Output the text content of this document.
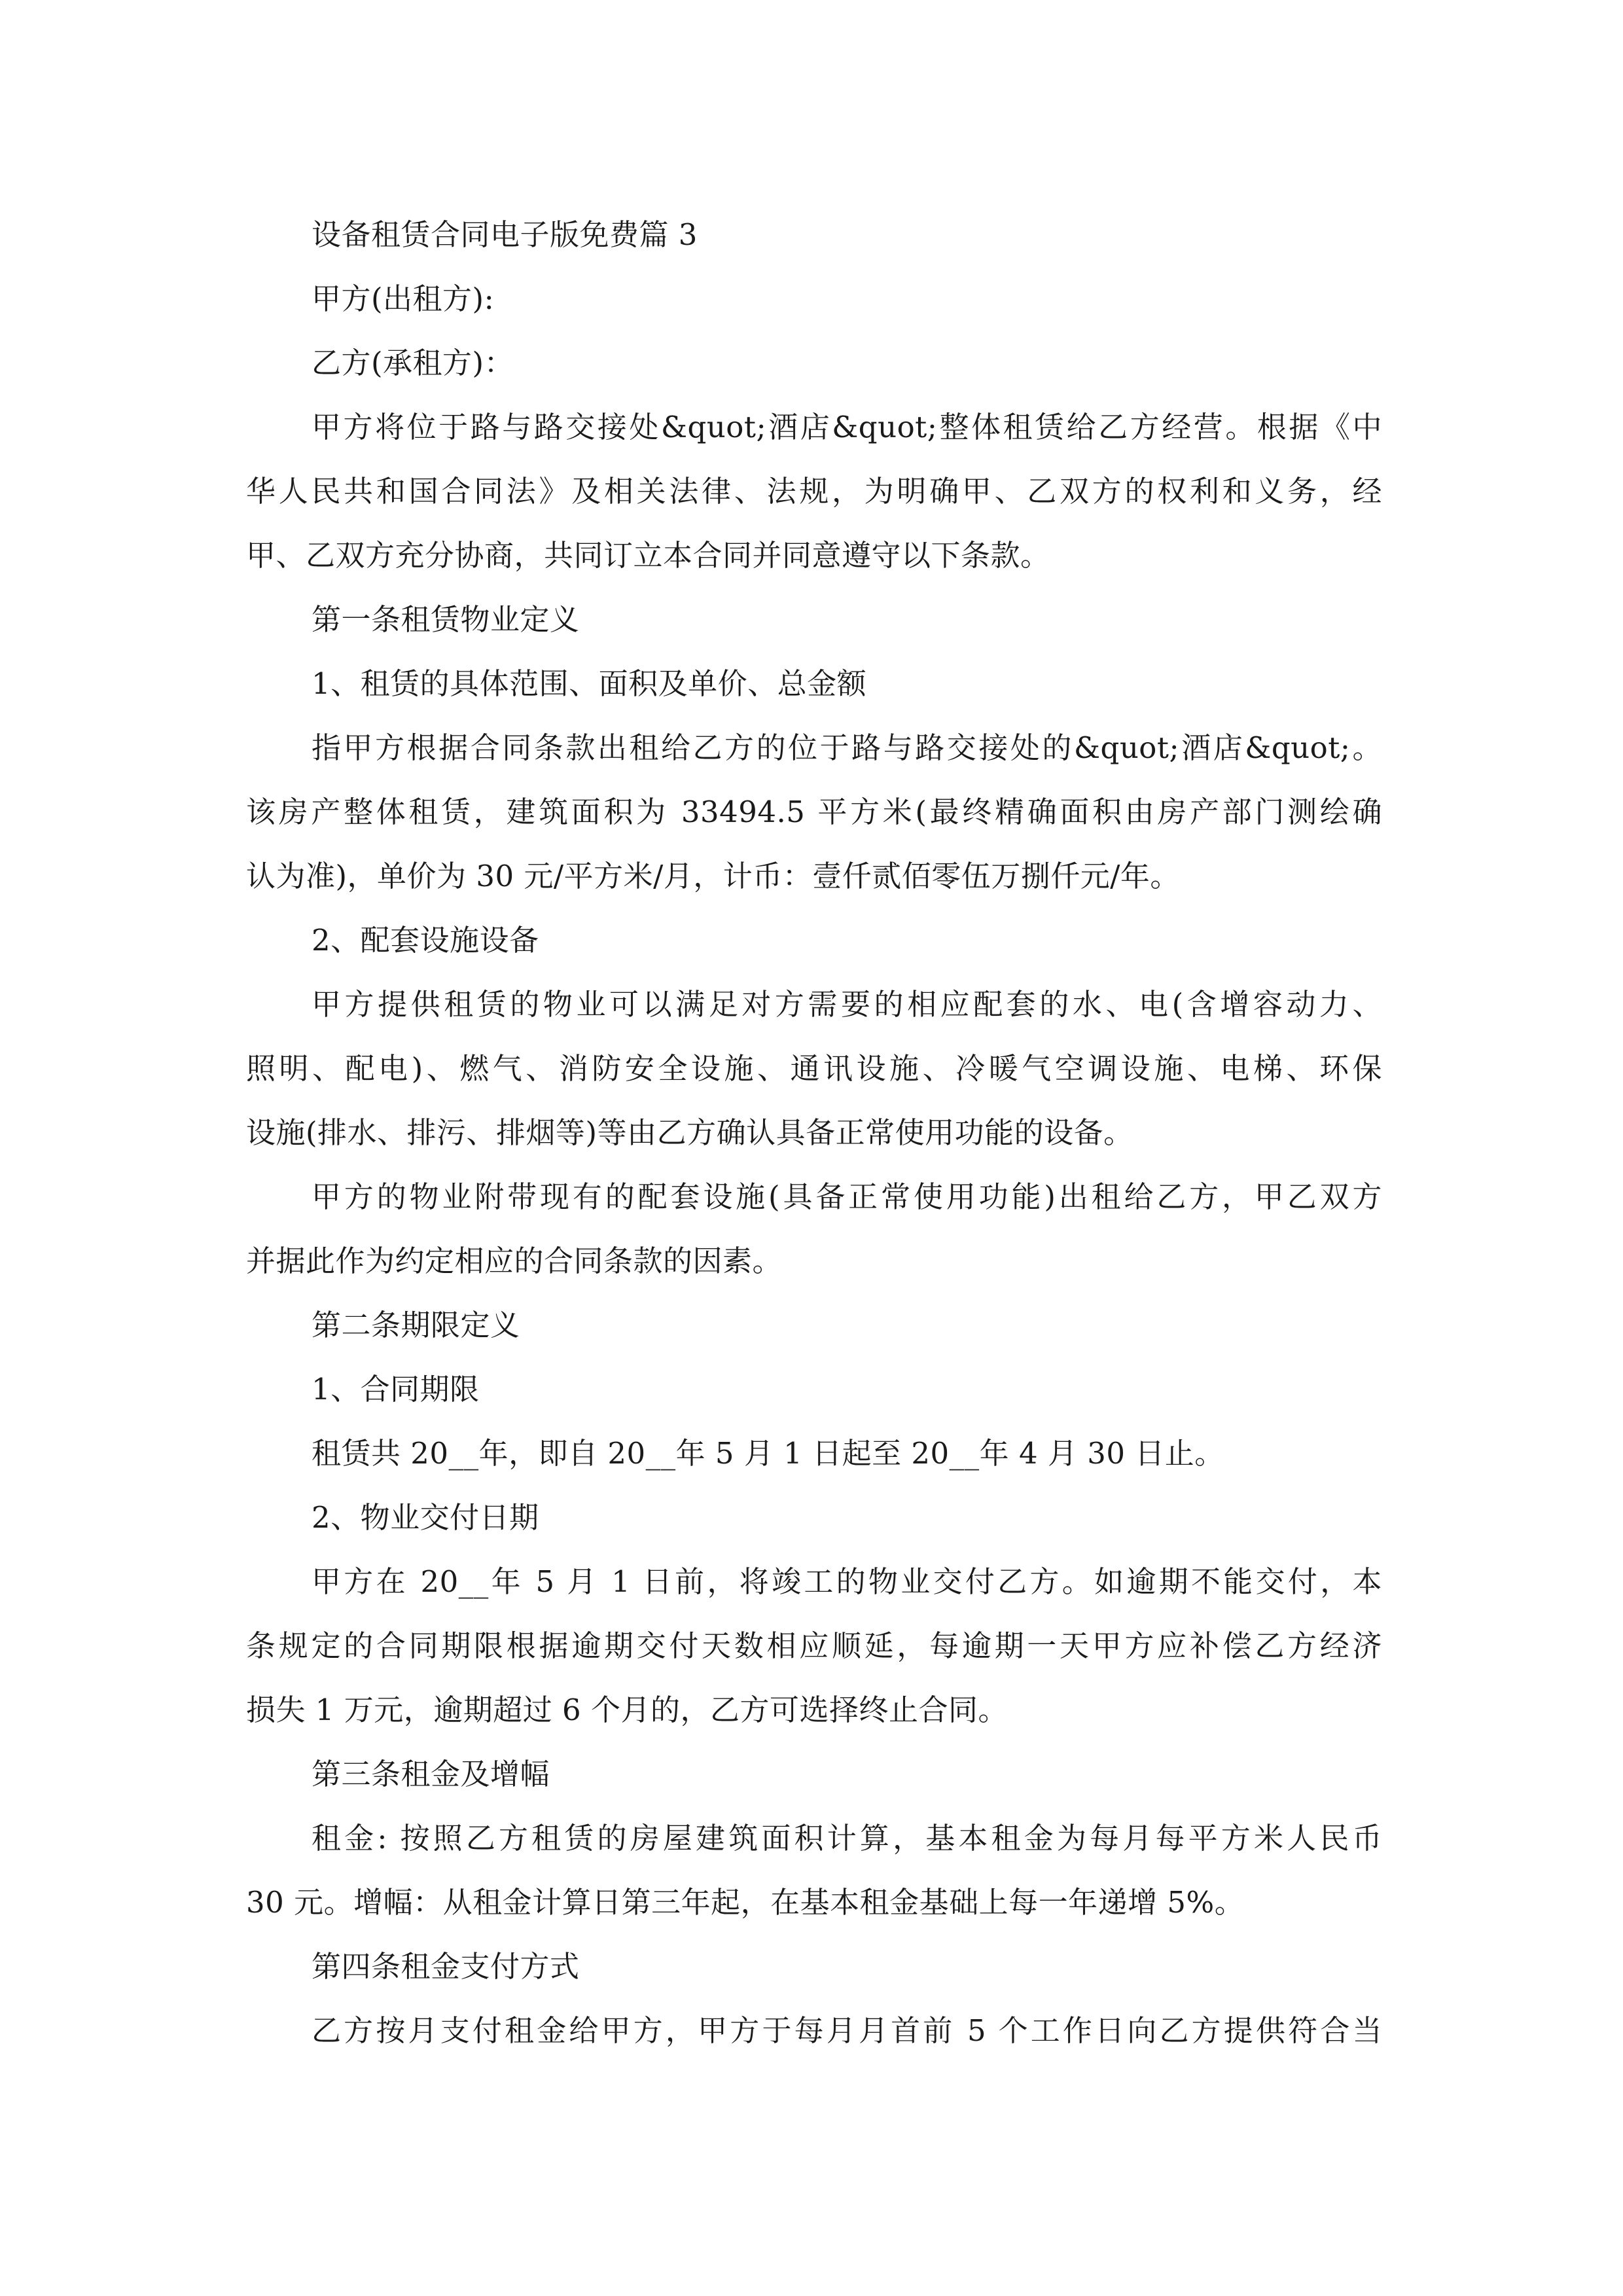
设备租赁合同电子版免费篇 3
甲方(出租方):
乙方(承租方)：
甲方将位于路与路交接处&quot;酒店&quot;整体租赁给乙方经营。根据《中
华人民共和国合同法》及相关法律、法规，为明确甲、乙双方的权利和义务，经
甲、乙双方充分协商，共同订立本合同并同意遵守以下条款。
第一条租赁物业定义
1、租赁的具体范围、面积及单价、总金额
指甲方根据合同条款出租给乙方的位于路与路交接处的&quot;酒店&quot;。
该房产整体租赁，建筑面积为 33494.5 平方米(最终精确面积由房产部门测绘确
认为准)，单价为 30 元/平方米/月，计币：壹仟贰佰零伍万捌仟元/年。
2、配套设施设备
甲方提供租赁的物业可以满足对方需要的相应配套的水、电(含增容动力、
照明、配电)、燃气、消防安全设施、通讯设施、冷暖气空调设施、电梯、环保
设施(排水、排污、排烟等)等由乙方确认具备正常使用功能的设备。
甲方的物业附带现有的配套设施(具备正常使用功能)出租给乙方，甲乙双方
并据此作为约定相应的合同条款的因素。
第二条期限定义
1、合同期限
租赁共 20__年，即自 20__年 5 月 1 日起至 20__年 4 月 30 日止。
2、物业交付日期
甲方在 20__年 5 月 1 日前，将竣工的物业交付乙方。如逾期不能交付，本
条规定的合同期限根据逾期交付天数相应顺延，每逾期一天甲方应补偿乙方经济
损失 1 万元，逾期超过 6 个月的，乙方可选择终止合同。
第三条租金及增幅
租金: 按照乙方租赁的房屋建筑面积计算，基本租金为每月每平方米人民币
30 元。增幅：从租金计算日第三年起，在基本租金基础上每一年递增 5%。
第四条租金支付方式
乙方按月支付租金给甲方，甲方于每月月首前 5 个工作日向乙方提供符合当
